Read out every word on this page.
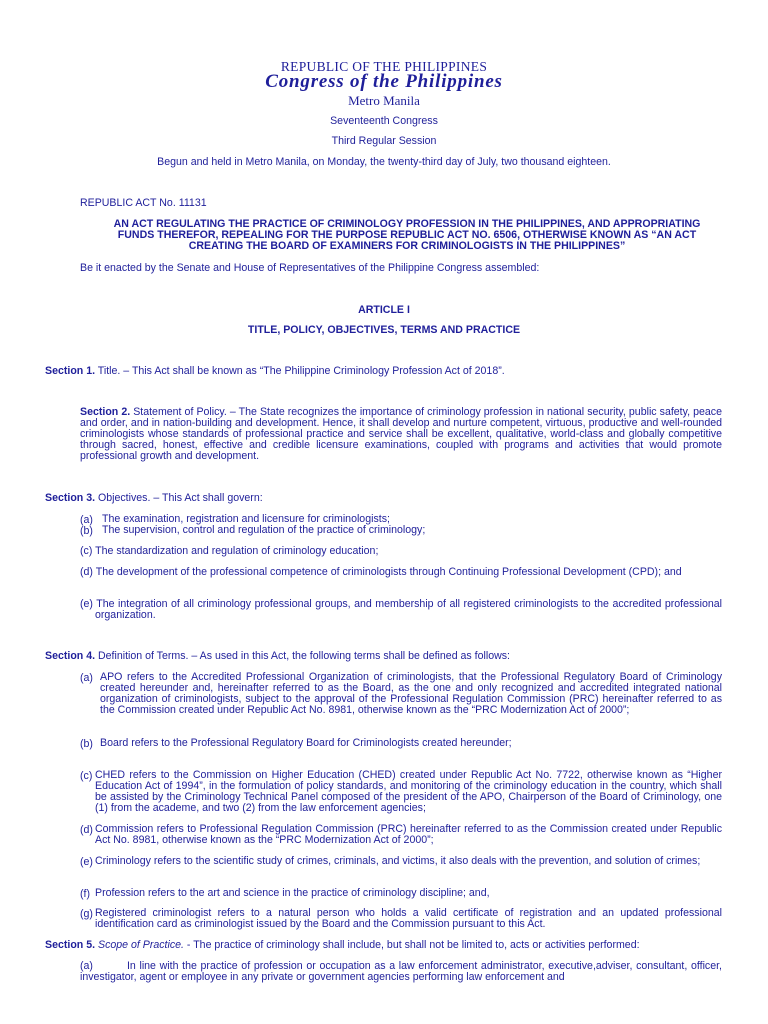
REPUBLIC OF THE PHILIPPINES
Congress of the Philippines
Metro Manila
Seventeenth Congress
Third Regular Session
Begun and held in Metro Manila, on Monday, the twenty-third day of July, two thousand eighteen.
REPUBLIC ACT No. 11131
AN ACT REGULATING THE PRACTICE OF CRIMINOLOGY PROFESSION IN THE PHILIPPINES, AND APPROPRIATING
FUNDS THEREFOR, REPEALING FOR THE PURPOSE REPUBLIC ACT NO. 6506, OTHERWISE KNOWN AS “AN ACT
CREATING THE BOARD OF EXAMINERS FOR CRIMINOLOGISTS IN THE PHILIPPINES”
Be it enacted by the Senate and House of Representatives of the Philippine Congress assembled:
ARTICLE I
TITLE, POLICY, OBJECTIVES, TERMS AND PRACTICE

Section 1. Title. – This Act shall be known as “The Philippine Criminology Profession Act of 2018”.

Section 2. Statement of Policy. – The State recognizes the importance of criminology profession in national security, public safety, peace and order, and in nation-building and development. Hence, it shall develop and nurture competent, virtuous, productive and well-rounded criminologists whose standards of professional practice and service shall be excellent, qualitative, world-class and globally competitive through sacred, honest, effective and credible licensure examinations, coupled with programs and activities that would promote professional growth and development.

Section 3. Objectives. – This Act shall govern:

(a) The examination, registration and licensure for criminologists;
(b) The supervision, control and regulation of the practice of criminology;

(c) The standardization and regulation of criminology education;

(d) The development of the professional competence of criminologists through Continuing Professional Development (CPD); and

(e) The integration of all criminology professional groups, and membership of all registered criminologists to the accredited professional organization.

Section 4. Definition of Terms. – As used in this Act, the following terms shall be defined as follows:

(a) APO refers to the Accredited Professional Organization of criminologists, that the Professional Regulatory Board of Criminology created hereunder and, hereinafter referred to as the Board, as the one and only recognized and accredited integrated national organization of criminologists, subject to the approval of the Professional Regulation Commission (PRC) hereinafter referred to as the Commission created under Republic Act No. 8981, otherwise known as the “PRC Modernization Act of 2000”;
(b) Board refers to the Professional Regulatory Board for Criminologists created hereunder;
(c) CHED refers to the Commission on Higher Education (CHED) created under Republic Act No. 7722, otherwise known as “Higher Education Act of 1994”, in the formulation of policy standards, and monitoring of the criminology education in the country, which shall be assisted by the Criminology Technical Panel composed of the president of the APO, Chairperson of the Board of Criminology, one (1) from the academe, and two (2) from the law enforcement agencies;
(d) Commission refers to Professional Regulation Commission (PRC) hereinafter referred to as the Commission created under Republic Act No. 8981, otherwise known as the “PRC Modernization Act of 2000”;
(e) Criminology refers to the scientific study of crimes, criminals, and victims, it also deals with the prevention, and solution of crimes;
(f) Profession refers to the art and science in the practice of criminology discipline; and,
(g) Registered criminologist refers to a natural person who holds a valid certificate of registration and an updated professional identification card as criminologist issued by the Board and the Commission pursuant to this Act.

Section 5. Scope of Practice. - The practice of criminology shall include, but shall not be limited to, acts or activities performed:

(a)	In line with the practice of profession or occupation as a law enforcement administrator, executive,adviser, consultant, officer, investigator, agent or employee in any private or government agencies performing law enforcement and
